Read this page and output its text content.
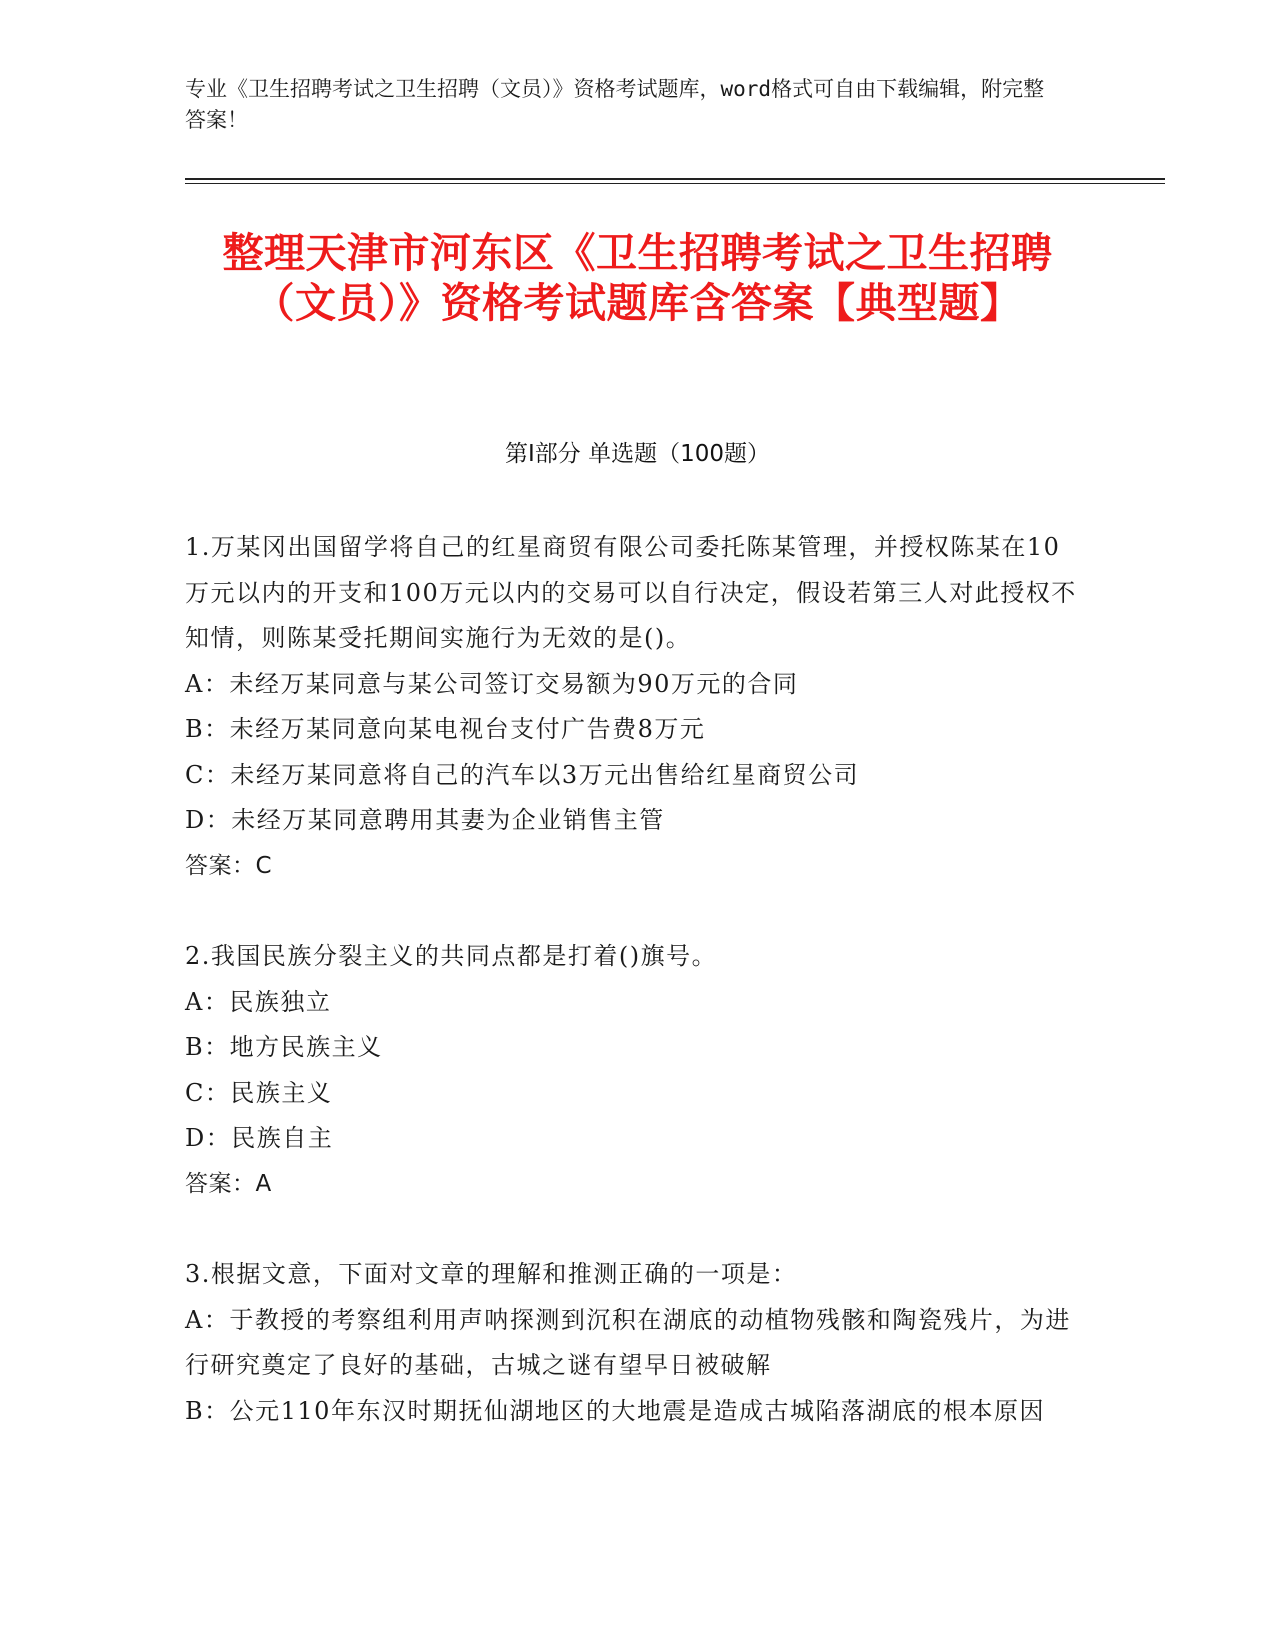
专业《卫生招聘考试之卫生招聘（文员）》资格考试题库，word格式可自由下载编辑，附完整答案！
整理天津市河东区《卫生招聘考试之卫生招聘（文员）》资格考试题库含答案【典型题】
第Ⅰ部分 单选题（100题）

1.万某冈出国留学将自己的红星商贸有限公司委托陈某管理，并授权陈某在10万元以内的开支和100万元以内的交易可以自行决定，假设若第三人对此授权不知情，则陈某受托期间实施行为无效的是()。

A：未经万某同意与某公司签订交易额为90万元的合同

B：未经万某同意向某电视台支付广告费8万元

C：未经万某同意将自己的汽车以3万元出售给红星商贸公司

D：未经万某同意聘用其妻为企业销售主管

答案：C

2.我国民族分裂主义的共同点都是打着()旗号。

A：民族独立

B：地方民族主义

C：民族主义

D：民族自主

答案：A

3.根据文意，下面对文章的理解和推测正确的一项是：

A：于教授的考察组利用声呐探测到沉积在湖底的动植物残骸和陶瓷残片，为进行研究奠定了良好的基础，古城之谜有望早日被破解

B：公元110年东汉时期抚仙湖地区的大地震是造成古城陷落湖底的根本原因
